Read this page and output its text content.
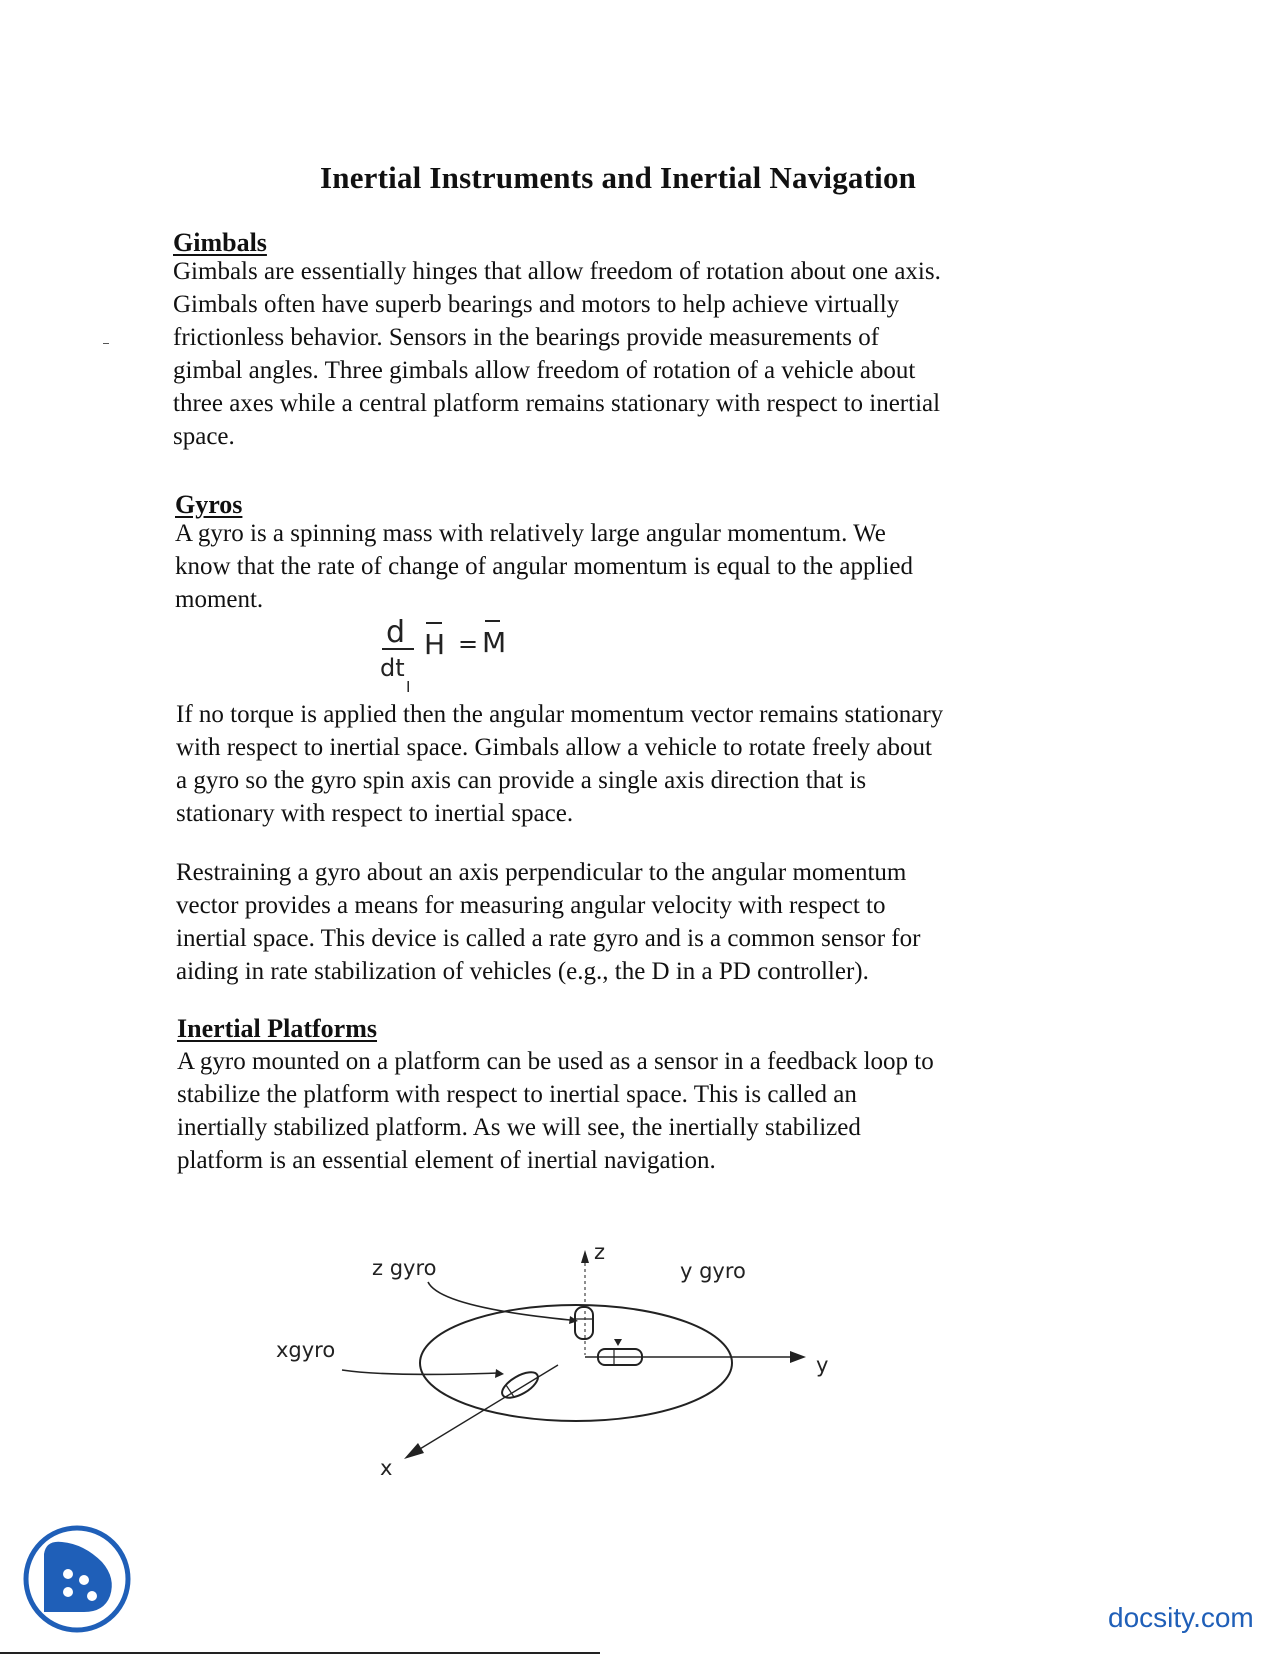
Inertial Instruments and Inertial Navigation
Gimbals
Gimbals are essentially hinges that allow freedom of rotation about one axis.
Gimbals often have superb bearings and motors to help achieve virtually
frictionless behavior. Sensors in the bearings provide measurements of
gimbal angles. Three gimbals allow freedom of rotation of a vehicle about
three axes while a central platform remains stationary with respect to inertial
space.
Gyros
A gyro is a spinning mass with relatively large angular momentum. We
know that the rate of change of angular momentum is equal to the applied
moment.
d
dt
I
H = M
If no torque is applied then the angular momentum vector remains stationary
with respect to inertial space. Gimbals allow a vehicle to rotate freely about
a gyro so the gyro spin axis can provide a single axis direction that is
stationary with respect to inertial space.
Restraining a gyro about an axis perpendicular to the angular momentum
vector provides a means for measuring angular velocity with respect to
inertial space. This device is called a rate gyro and is a common sensor for
aiding in rate stabilization of vehicles (e.g., the D in a PD controller).
Inertial Platforms
A gyro mounted on a platform can be used as a sensor in a feedback loop to
stabilize the platform with respect to inertial space. This is called an
inertially stabilized platform. As we will see, the inertially stabilized
platform is an essential element of inertial navigation.
z
z gyro
y
y gyro
x
xgyro
docsity.com
